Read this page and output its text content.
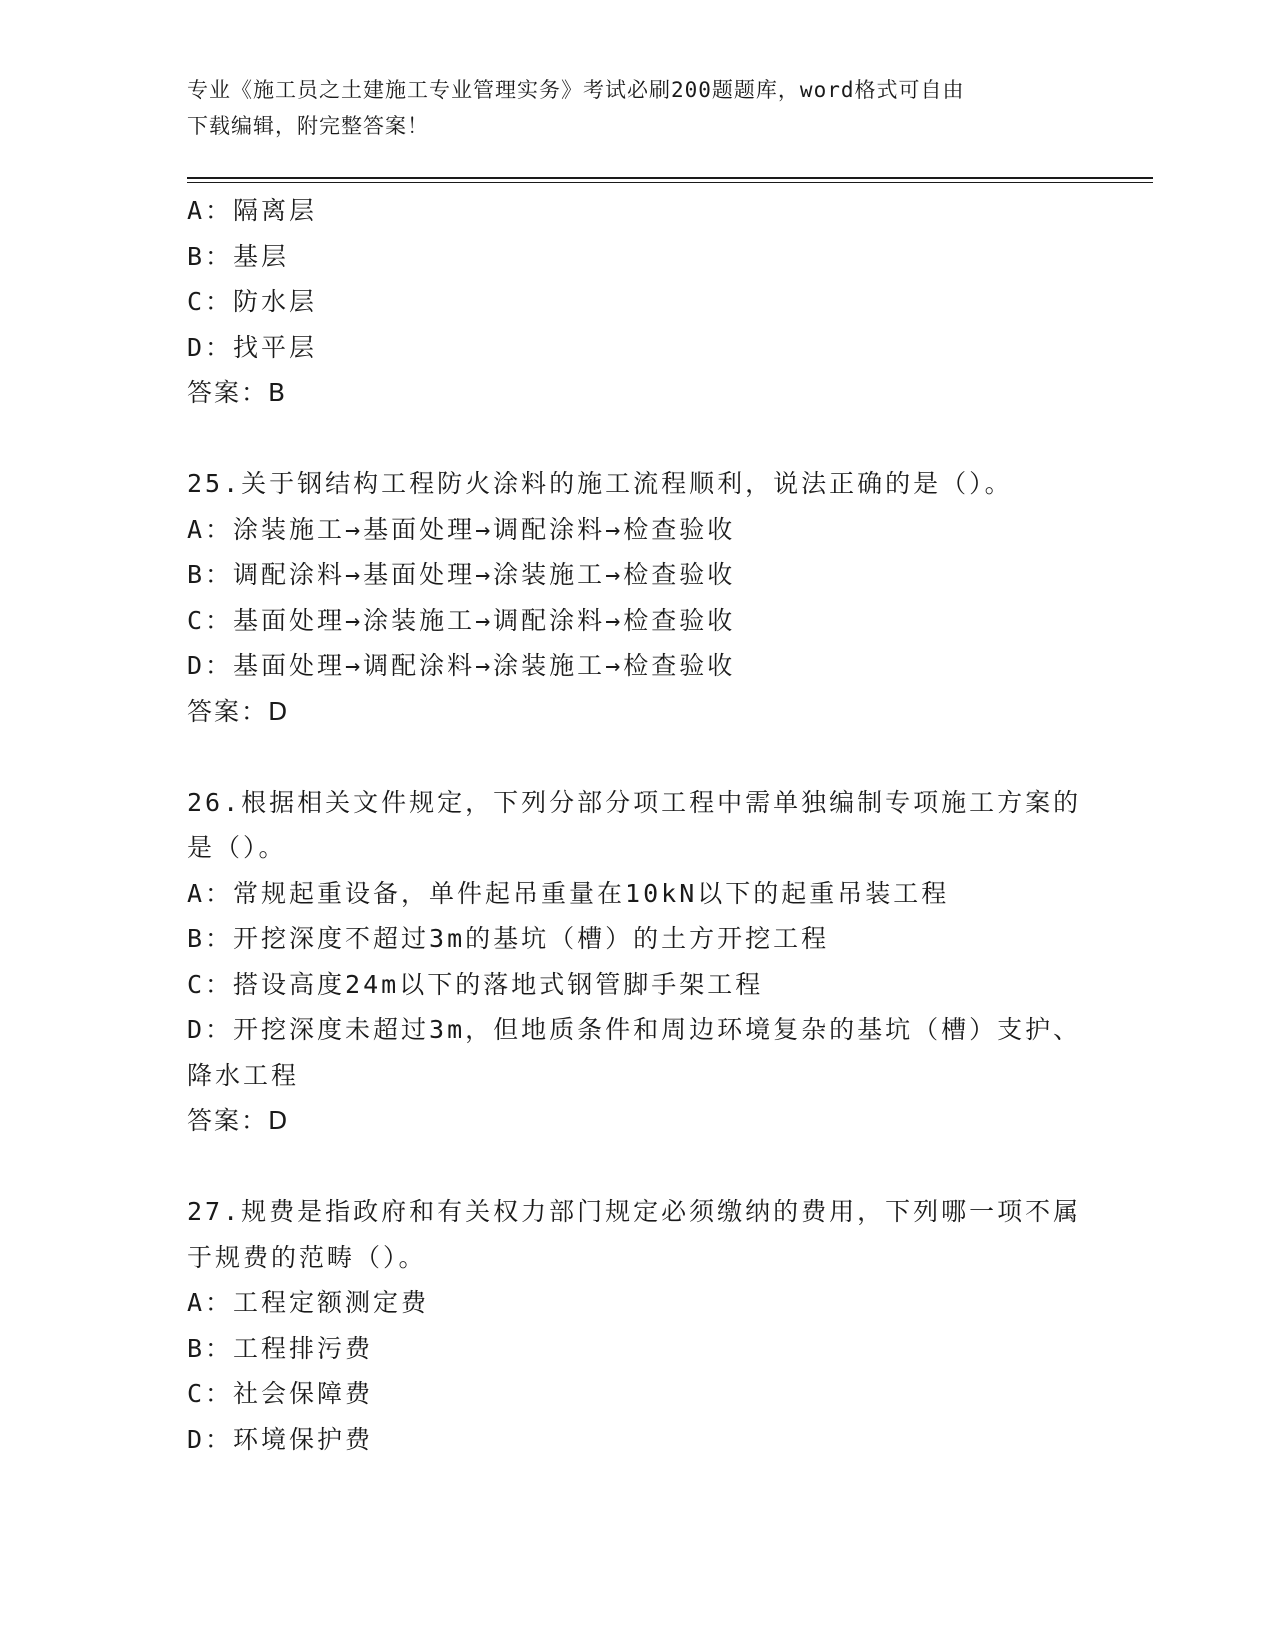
专业《施工员之土建施工专业管理实务》考试必刷200题题库，word格式可自由
下载编辑，附完整答案！
A：隔离层
B：基层
C：防水层
D：找平层
答案：B
25.关于钢结构工程防火涂料的施工流程顺利，说法正确的是（）。
A：涂装施工→基面处理→调配涂料→检查验收
B：调配涂料→基面处理→涂装施工→检查验收
C：基面处理→涂装施工→调配涂料→检查验收
D：基面处理→调配涂料→涂装施工→检查验收
答案：D
26.根据相关文件规定，下列分部分项工程中需单独编制专项施工方案的是（）。
A：常规起重设备，单件起吊重量在10kN以下的起重吊装工程
B：开挖深度不超过3m的基坑（槽）的土方开挖工程
C：搭设高度24m以下的落地式钢管脚手架工程
D：开挖深度未超过3m，但地质条件和周边环境复杂的基坑（槽）支护、降水工程
答案：D
27.规费是指政府和有关权力部门规定必须缴纳的费用，下列哪一项不属于规费的范畴（）。
A：工程定额测定费
B：工程排污费
C：社会保障费
D：环境保护费
